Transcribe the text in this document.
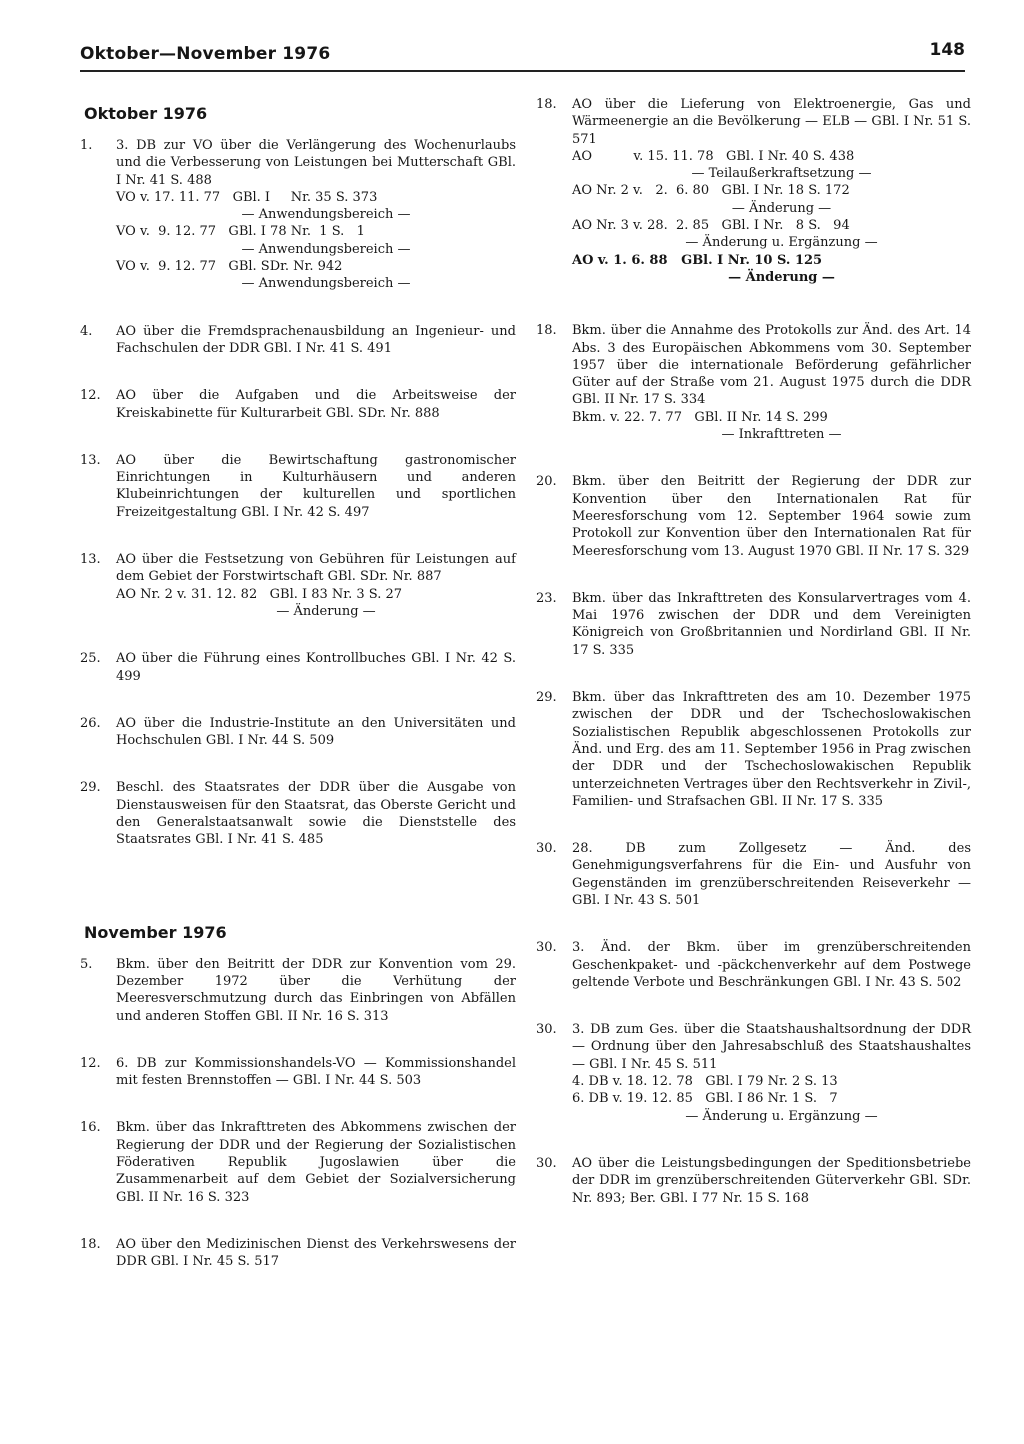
Oktober—November 1976	148
Oktober 1976
1.	3. DB zur VO über die Verlängerung des Wochenurlaubs und die Verbesserung von Leistungen bei Mutterschaft GBl. I Nr. 41 S. 488

VO v. 17. 11. 77   GBl. I     Nr. 35 S. 373

— Anwendungsbereich —

VO v.  9. 12. 77   GBl. I 78 Nr.  1 S.   1

— Anwendungsbereich —

VO v.  9. 12. 77   GBl. SDr. Nr. 942

— Anwendungsbereich —

4.	AO über die Fremdsprachenausbildung an Ingenieur- und Fachschulen der DDR GBl. I Nr. 41 S. 491

12.	AO über die Aufgaben und die Arbeitsweise der Kreiskabinette für Kulturarbeit GBl. SDr. Nr. 888

13.	AO über die Bewirtschaftung gastronomischer Einrichtungen in Kulturhäusern und anderen Klubeinrichtungen der kulturellen und sportlichen Freizeitgestaltung GBl. I Nr. 42 S. 497

13.	AO über die Festsetzung von Gebühren für Leistungen auf dem Gebiet der Forstwirtschaft GBl. SDr. Nr. 887

AO Nr. 2 v. 31. 12. 82   GBl. I 83 Nr. 3 S. 27

— Änderung —

25.	AO über die Führung eines Kontrollbuches GBl. I Nr. 42 S. 499

26.	AO über die Industrie-Institute an den Universitäten und Hochschulen GBl. I Nr. 44 S. 509

29.	Beschl. des Staatsrates der DDR über die Ausgabe von Dienstausweisen für den Staatsrat, das Oberste Gericht und den Generalstaatsanwalt sowie die Dienststelle des Staatsrates GBl. I Nr. 41 S. 485

November 1976
5.	Bkm. über den Beitritt der DDR zur Konvention vom 29. Dezember 1972 über die Verhütung der Meeresverschmutzung durch das Einbringen von Abfällen und anderen Stoffen GBl. II Nr. 16 S. 313

12.	6. DB zur Kommissionshandels-VO — Kommissionshandel mit festen Brennstoffen — GBl. I Nr. 44 S. 503

16.	Bkm. über das Inkrafttreten des Abkommens zwischen der Regierung der DDR und der Regierung der Sozialistischen Föderativen Republik Jugoslawien über die Zusammenarbeit auf dem Gebiet der Sozialversicherung GBl. II Nr. 16 S. 323

18.	AO über den Medizinischen Dienst des Verkehrswesens der DDR GBl. I Nr. 45 S. 517

18.	AO über die Lieferung von Elektroenergie, Gas und Wärmeenergie an die Bevölkerung — ELB — GBl. I Nr. 51 S. 571

AO          v. 15. 11. 78   GBl. I Nr. 40 S. 438

— Teilaußerkraftsetzung —

AO Nr. 2 v.   2.  6. 80   GBl. I Nr. 18 S. 172

— Änderung —

AO Nr. 3 v. 28.  2. 85   GBl. I Nr.   8 S.   94

— Änderung u. Ergänzung —

AO v. 1. 6. 88   GBl. I Nr. 10 S. 125

— Änderung —

18.	Bkm. über die Annahme des Protokolls zur Änd. des Art. 14 Abs. 3 des Europäischen Abkommens vom 30. September 1957 über die internationale Beförderung gefährlicher Güter auf der Straße vom 21. August 1975 durch die DDR GBl. II Nr. 17 S. 334

Bkm. v. 22. 7. 77   GBl. II Nr. 14 S. 299

— Inkrafttreten —

20.	Bkm. über den Beitritt der Regierung der DDR zur Konvention über den Internationalen Rat für Meeresforschung vom 12. September 1964 sowie zum Protokoll zur Konvention über den Internationalen Rat für Meeresforschung vom 13. August 1970 GBl. II Nr. 17 S. 329

23.	Bkm. über das Inkrafttreten des Konsularvertrages vom 4. Mai 1976 zwischen der DDR und dem Vereinigten Königreich von Großbritannien und Nordirland GBl. II Nr. 17 S. 335

29.	Bkm. über das Inkrafttreten des am 10. Dezember 1975 zwischen der DDR und der Tschechoslowakischen Sozialistischen Republik abgeschlossenen Protokolls zur Änd. und Erg. des am 11. September 1956 in Prag zwischen der DDR und der Tschechoslowakischen Republik unterzeichneten Vertrages über den Rechtsverkehr in Zivil-, Familien- und Strafsachen GBl. II Nr. 17 S. 335

30.	28. DB zum Zollgesetz — Änd. des Genehmigungsverfahrens für die Ein- und Ausfuhr von Gegenständen im grenzüberschreitenden Reiseverkehr — GBl. I Nr. 43 S. 501

30.	3. Änd. der Bkm. über im grenzüberschreitenden Geschenkpaket- und -päckchenverkehr auf dem Postwege geltende Verbote und Beschränkungen GBl. I Nr. 43 S. 502

30.	3. DB zum Ges. über die Staatshaushaltsordnung der DDR — Ordnung über den Jahresabschluß des Staatshaushaltes — GBl. I Nr. 45 S. 511

4. DB v. 18. 12. 78   GBl. I 79 Nr. 2 S. 13

6. DB v. 19. 12. 85   GBl. I 86 Nr. 1 S.   7

— Änderung u. Ergänzung —

30.	AO über die Leistungsbedingungen der Speditionsbetriebe der DDR im grenzüberschreitenden Güterverkehr GBl. SDr. Nr. 893; Ber. GBl. I 77 Nr. 15 S. 168
